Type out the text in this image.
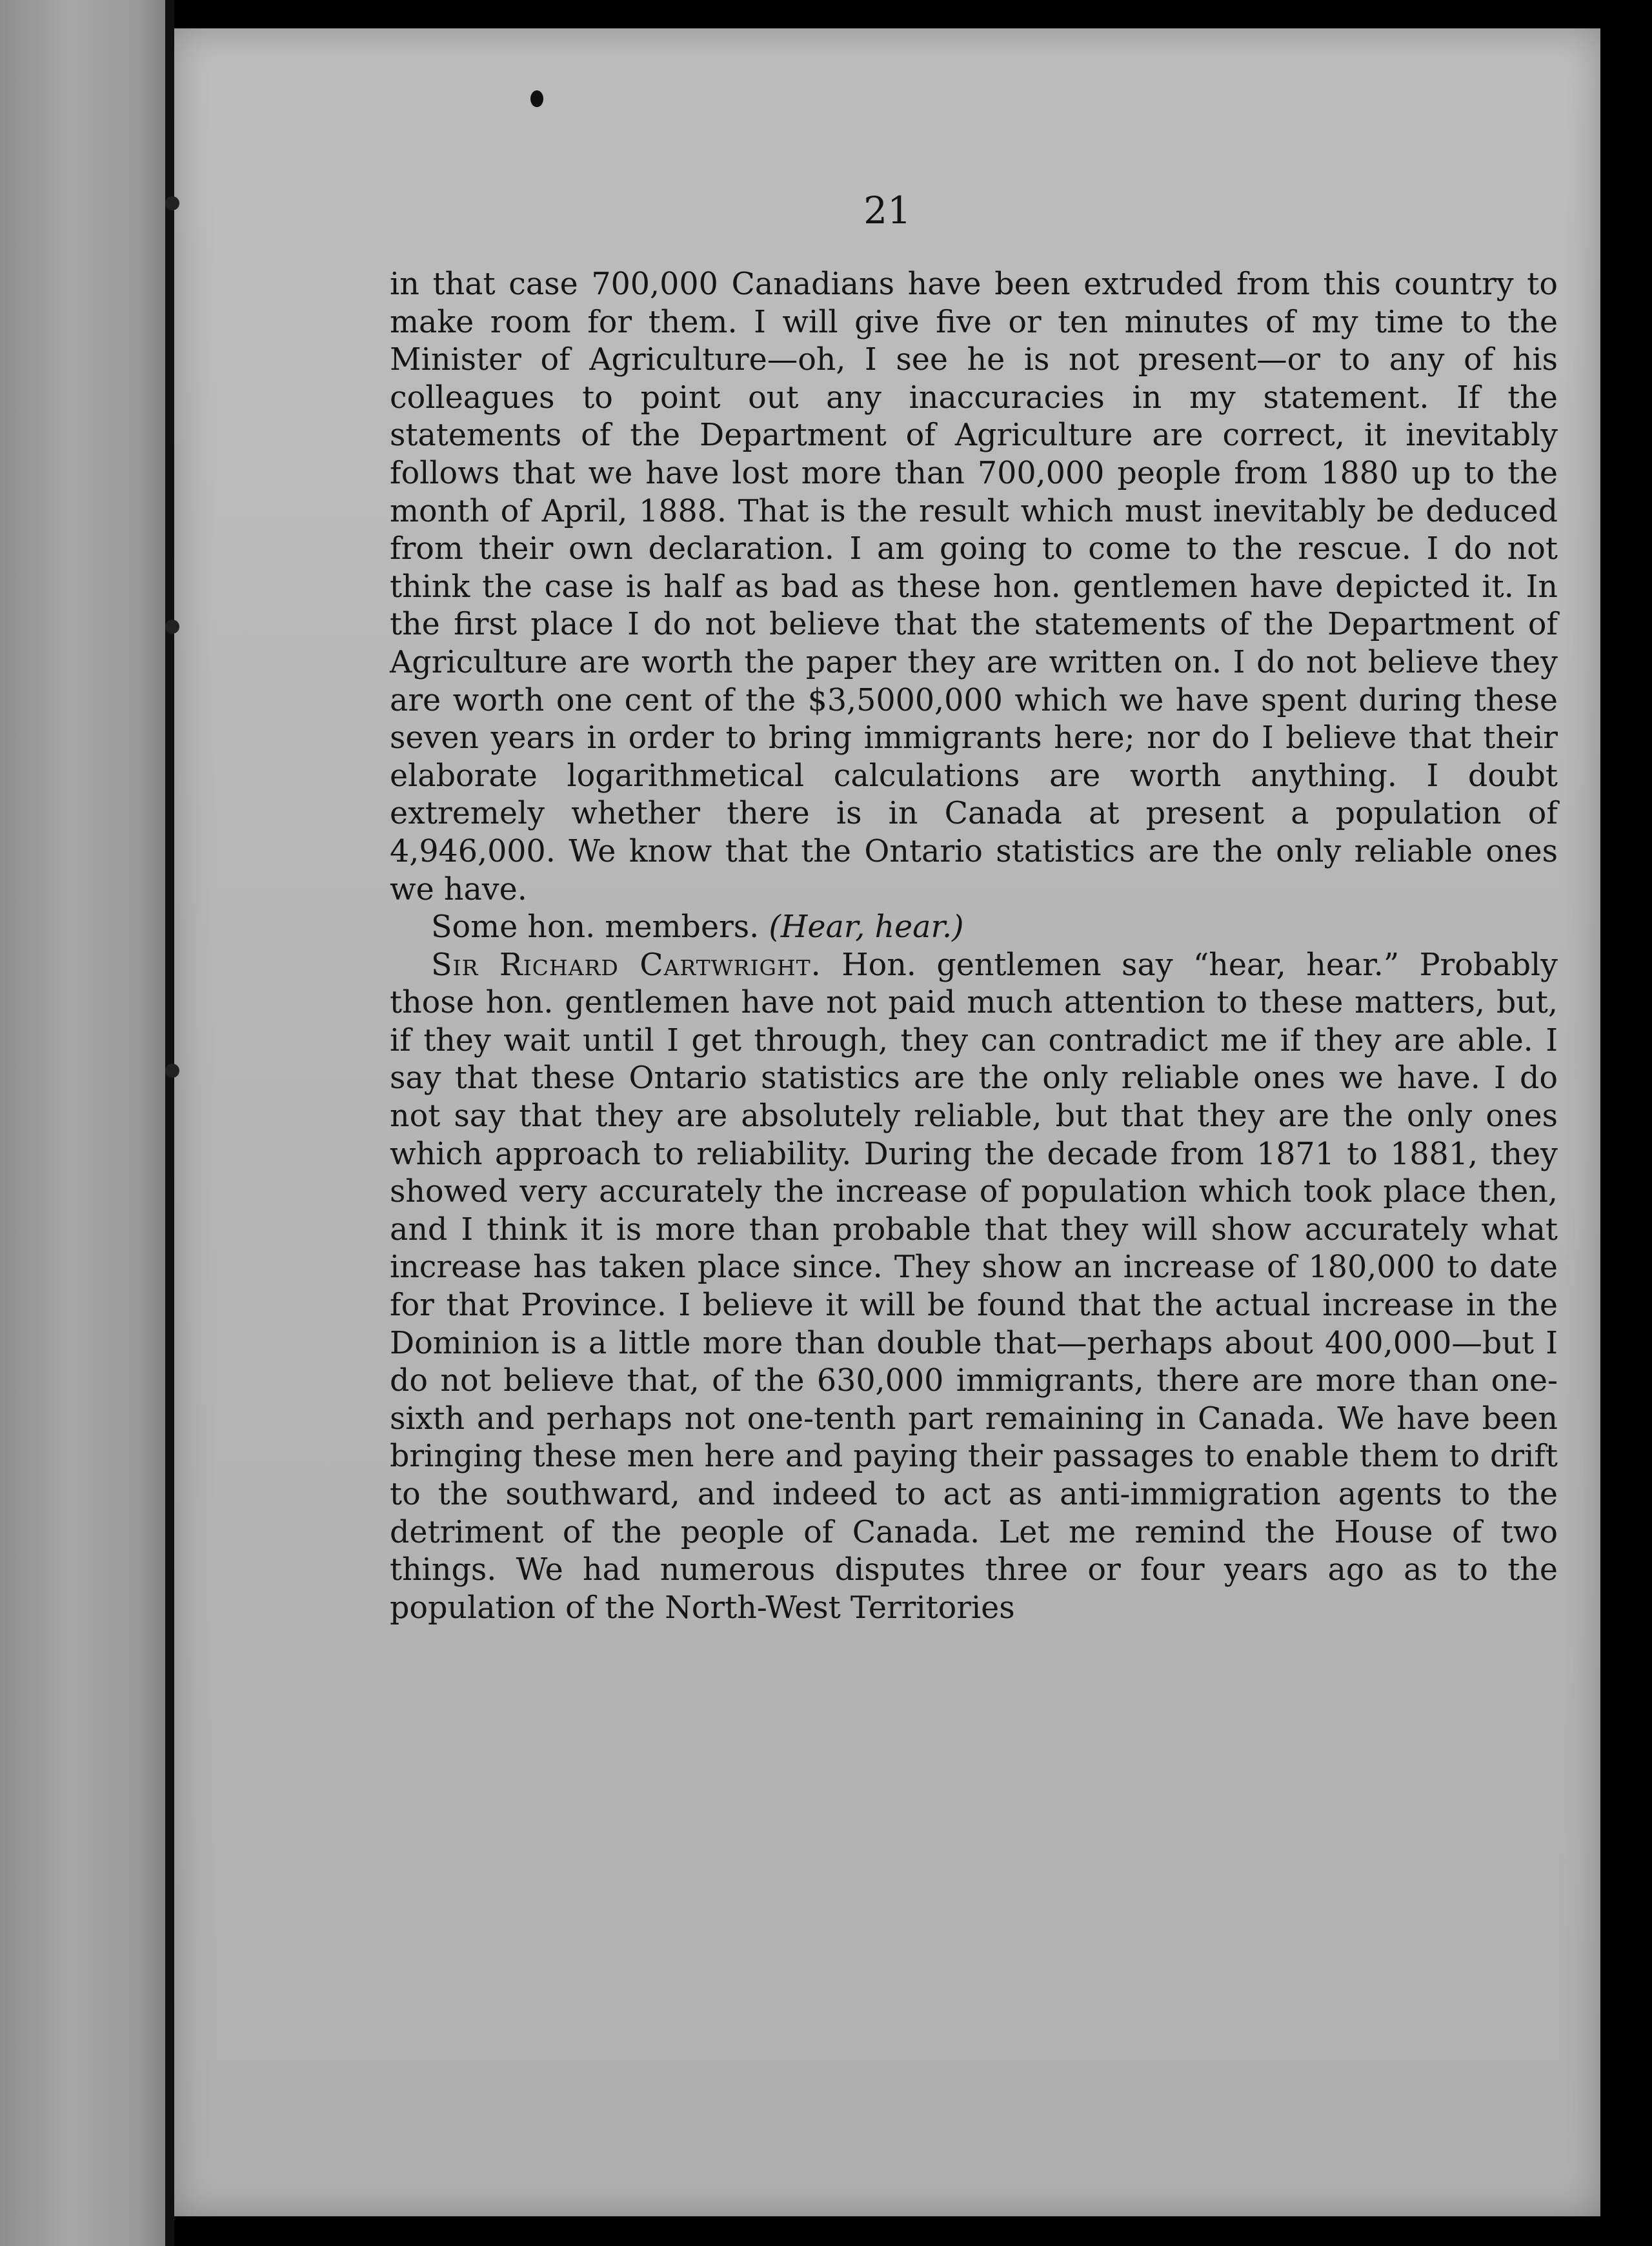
21

in that case 700,000 Canadians have been extruded from this country to make room for them. I will give five or ten minutes of my time to the Minister of Agriculture—oh, I see he is not present—or to any of his colleagues to point out any inaccuracies in my statement. If the statements of the Department of Agriculture are correct, it inevitably follows that we have lost more than 700,000 people from 1880 up to the month of April, 1888. That is the result which must inevitably be deduced from their own declaration. I am going to come to the rescue. I do not think the case is half as bad as these hon. gentlemen have depicted it. In the first place I do not believe that the statements of the Department of Agriculture are worth the paper they are written on. I do not believe they are worth one cent of the $3,5000,000 which we have spent during these seven years in order to bring immigrants here; nor do I believe that their elaborate logarithmetical calculations are worth anything. I doubt extremely whether there is in Canada at present a population of 4,946,000. We know that the Ontario statistics are the only reliable ones we have.

Some hon. members. (Hear, hear.)

Sir Richard Cartwright. Hon. gentlemen say “hear, hear.” Probably those hon. gentlemen have not paid much attention to these matters, but, if they wait until I get through, they can contradict me if they are able. I say that these Ontario statistics are the only reliable ones we have. I do not say that they are absolutely reliable, but that they are the only ones which approach to reliability. During the decade from 1871 to 1881, they showed very accurately the increase of population which took place then, and I think it is more than probable that they will show accurately what increase has taken place since. They show an increase of 180,000 to date for that Province. I believe it will be found that the actual increase in the Dominion is a little more than double that—perhaps about 400,000—but I do not believe that, of the 630,000 immigrants, there are more than one-sixth and perhaps not one-tenth part remaining in Canada. We have been bringing these men here and paying their passages to enable them to drift to the southward, and indeed to act as anti-immigration agents to the detriment of the people of Canada. Let me remind the House of two things. We had numerous disputes three or four years ago as to the population of the North-West Territories
